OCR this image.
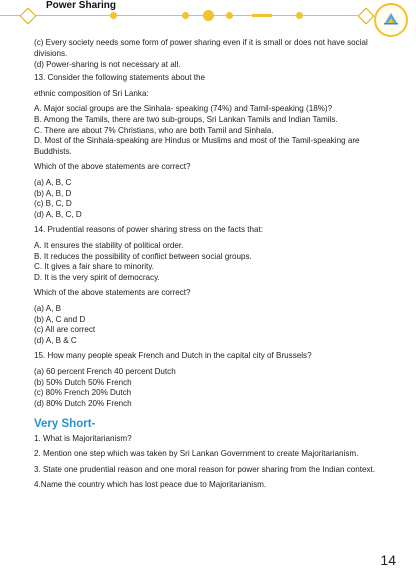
Power Sharing

(c) Every society needs some form of power sharing even if it is small or does not have social divisions.

(d) Power-sharing is not necessary at all.

13. Consider the following statements about the

ethnic composition of Sri Lanka:

A. Major social groups are the Sinhala- speaking (74%) and Tamil-speaking (18%)?

B. Among the Tamils, there are two sub-groups, Sri Lankan Tamils and Indian Tamils.

C. There are about 7% Christians, who are both Tamil and Sinhala.

D. Most of the Sinhala-speaking are Hindus or Muslims and most of the Tamil-speaking are Buddhists.

Which of the above statements are correct?

(a) A, B, C

(b) A, B, D

(c) B, C, D

(d) A, B, C, D

14. Prudential reasons of power sharing stress on the facts that:

A. It ensures the stability of political order.

B. It reduces the possibility of conflict between social groups.

C. It gives a fair share to minority.

D. It is the very spirit of democracy.

Which of the above statements are correct?

(a) A, B

(b) A, C and D

(c) All are correct

(d) A, B & C

15. How many people speak French and Dutch in the capital city of Brussels?

(a) 60 percent French 40 percent Dutch

(b) 50% Dutch 50% French

(c) 80% French 20% Dutch

(d) 80% Dutch 20% French

Very Short-

1. What is Majoritarianism?

2. Mention one step which was taken by Sri Lankan Government to create Majoritarianism.

3. State one prudential reason and one moral reason for power sharing from the Indian context.

4.Name the country which has lost peace due to Majoritarianism.

14
